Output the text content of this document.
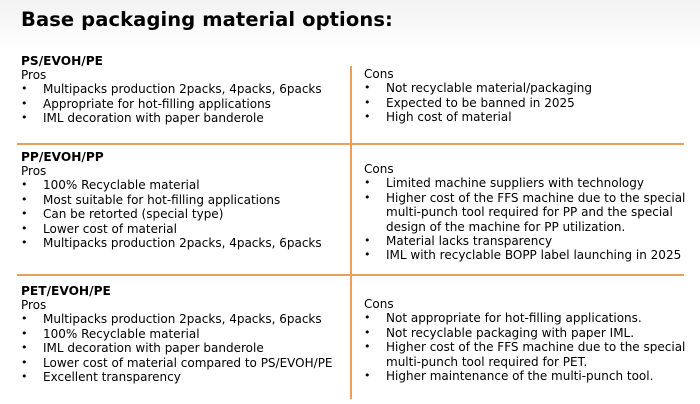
Base packaging material options:
PS/EVOH/PE
Pros
• Multipacks production 2packs, 4packs, 6packs
• Appropriate for hot-filling applications
• IML decoration with paper banderole
Cons
• Not recyclable material/packaging
• Expected to be banned in 2025
• High cost of material
PP/EVOH/PP
Pros
• 100% Recyclable material
• Most suitable for hot-filling applications
• Can be retorted (special type)
• Lower cost of material
• Multipacks production 2packs, 4packs, 6packs
Cons
• Limited machine suppliers with technology
• Higher cost of the FFS machine due to the special
multi-punch tool required for PP and the special
design of the machine for PP utilization.
• Material lacks transparency
• IML with recyclable BOPP label launching in 2025
PET/EVOH/PE
Pros
• Multipacks production 2packs, 4packs, 6packs
• 100% Recyclable material
• IML decoration with paper banderole
• Lower cost of material compared to PS/EVOH/PE
• Excellent transparency
Cons
• Not appropriate for hot-filling applications.
• Not recyclable packaging with paper IML.
• Higher cost of the FFS machine due to the special
multi-punch tool required for PET.
• Higher maintenance of the multi-punch tool.
